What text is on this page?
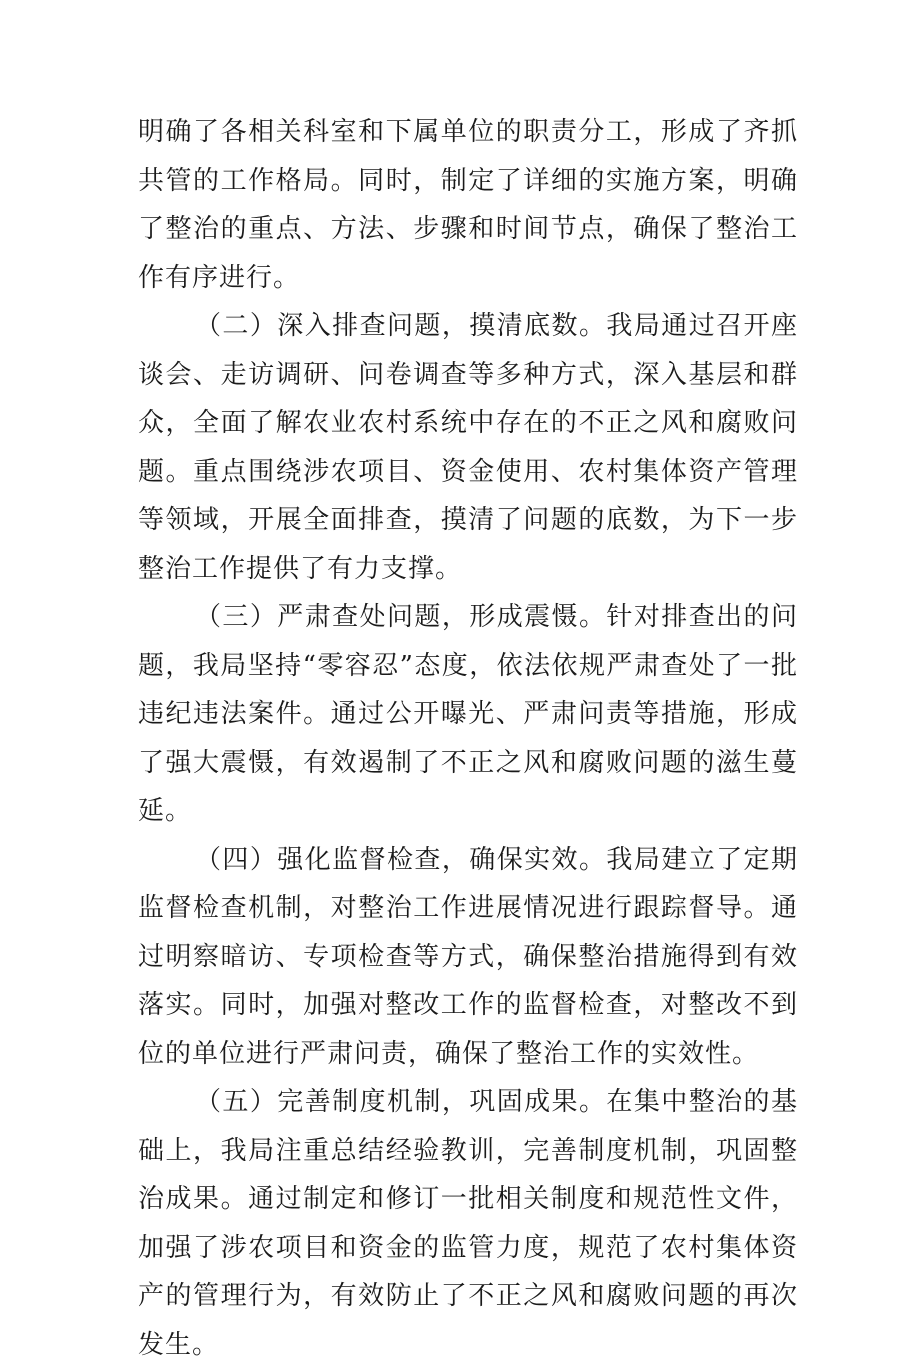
明确了各相关科室和下属单位的职责分工，形成了齐抓共管的工作格局。同时，制定了详细的实施方案，明确了整治的重点、方法、步骤和时间节点，确保了整治工作有序进行。

（二）深入排查问题，摸清底数。我局通过召开座谈会、走访调研、问卷调查等多种方式，深入基层和群众，全面了解农业农村系统中存在的不正之风和腐败问题。重点围绕涉农项目、资金使用、农村集体资产管理等领域，开展全面排查，摸清了问题的底数，为下一步整治工作提供了有力支撑。

（三）严肃查处问题，形成震慑。针对排查出的问题，我局坚持“零容忍”态度，依法依规严肃查处了一批违纪违法案件。通过公开曝光、严肃问责等措施，形成了强大震慑，有效遏制了不正之风和腐败问题的滋生蔓延。

（四）强化监督检查，确保实效。我局建立了定期监督检查机制，对整治工作进展情况进行跟踪督导。通过明察暗访、专项检查等方式，确保整治措施得到有效落实。同时，加强对整改工作的监督检查，对整改不到位的单位进行严肃问责，确保了整治工作的实效性。

（五）完善制度机制，巩固成果。在集中整治的基础上，我局注重总结经验教训，完善制度机制，巩固整治成果。通过制定和修订一批相关制度和规范性文件，加强了涉农项目和资金的监管力度，规范了农村集体资产的管理行为，有效防止了不正之风和腐败问题的再次发生。
